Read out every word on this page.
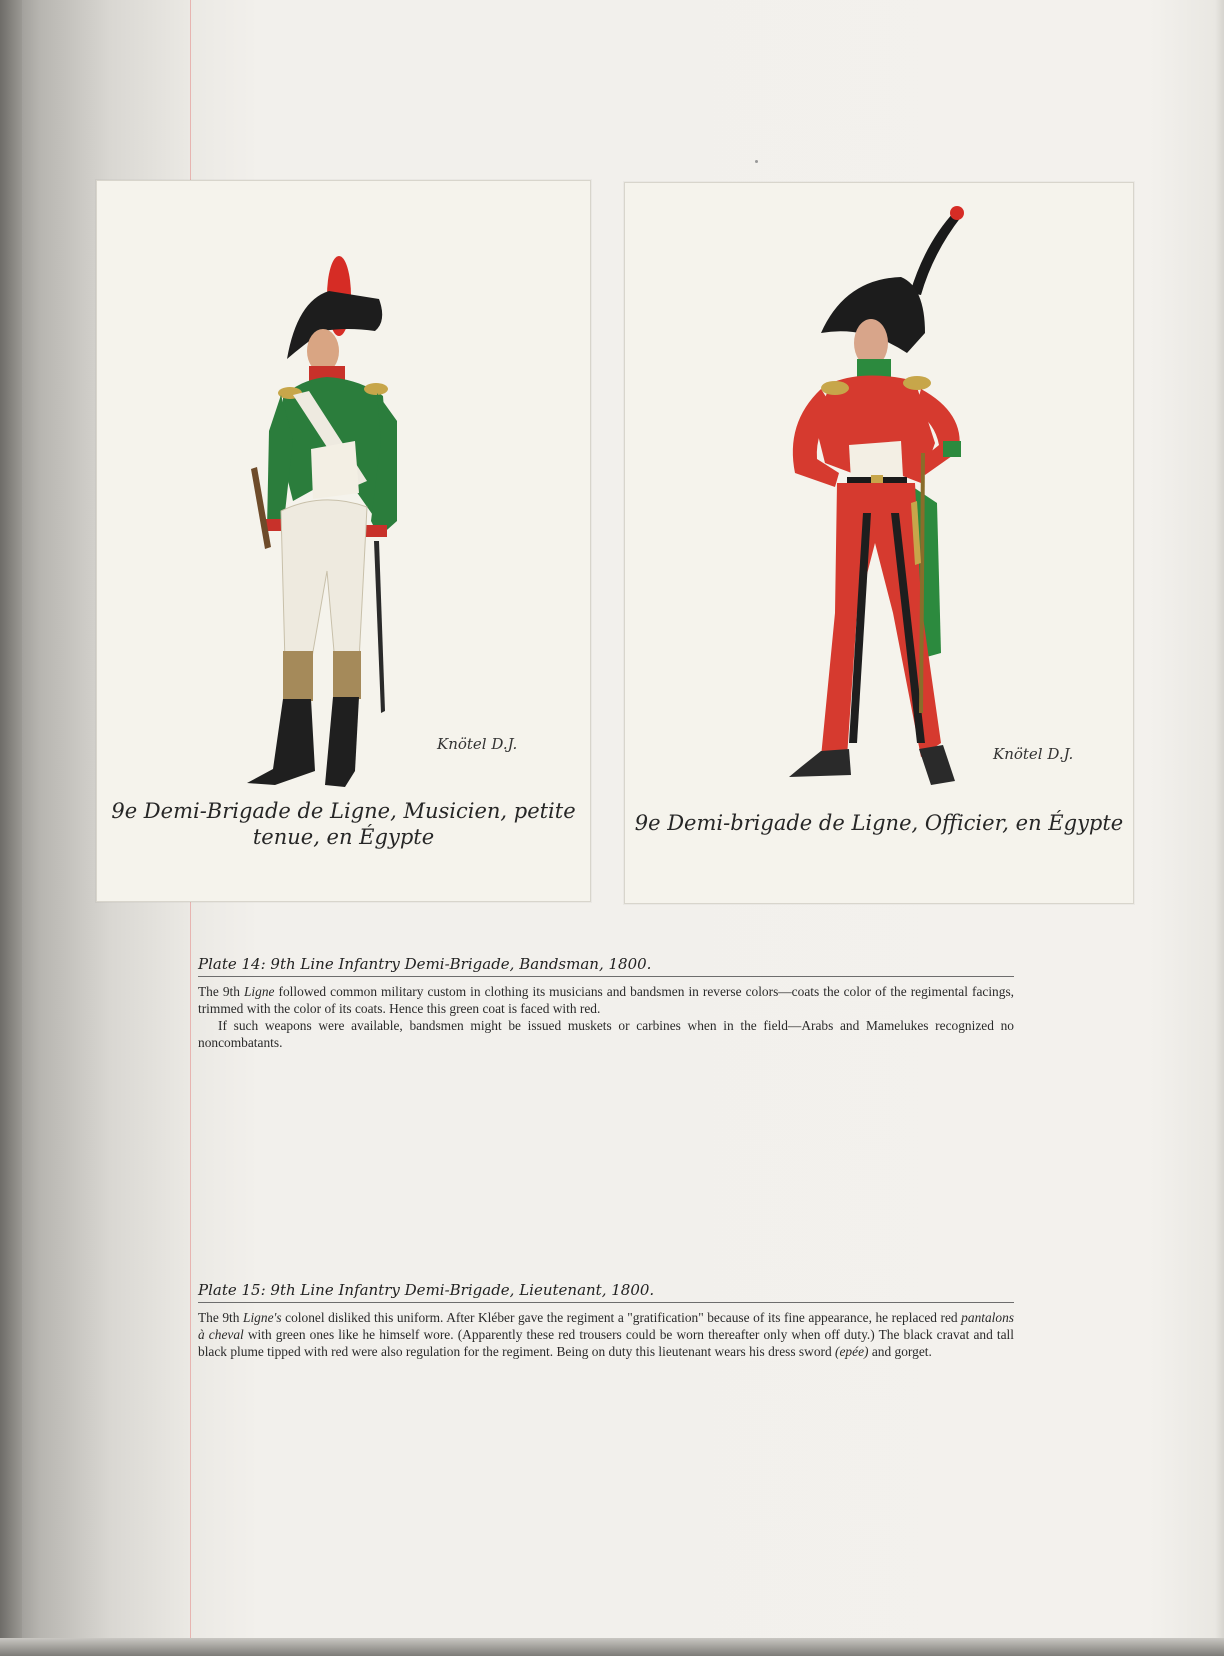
Knötel D.J.
9e Demi-Brigade de Ligne, Musicien, petite
tenue, en Égypte
Knötel D.J.
9e Demi-brigade de Ligne, Officier, en Égypte
Plate 14: 9th Line Infantry Demi-Brigade, Bandsman, 1800.

The 9th Ligne followed common military custom in clothing its musicians and bandsmen in reverse colors—coats the color of the regimental facings, trimmed with the color of its coats. Hence this green coat is faced with red.

If such weapons were available, bandsmen might be issued muskets or carbines when in the field—Arabs and Mamelukes recognized no noncombatants.

Plate 15: 9th Line Infantry Demi-Brigade, Lieutenant, 1800.

The 9th Ligne's colonel disliked this uniform. After Kléber gave the regiment a "gratification" because of its fine appearance, he replaced red pantalons à cheval with green ones like he himself wore. (Apparently these red trousers could be worn thereafter only when off duty.) The black cravat and tall black plume tipped with red were also regulation for the regiment. Being on duty this lieutenant wears his dress sword (epée) and gorget.
